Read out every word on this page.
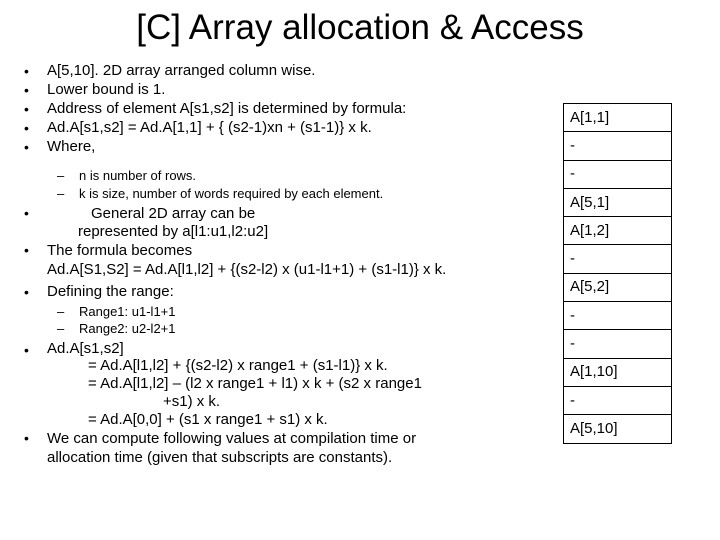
[C] Array allocation & Access
•
•
•
•
•
•
•
•
•
•
A[5,10]. 2D array arranged column wise.
Lower bound is 1.
Address of element A[s1,s2] is determined by formula:
Ad.A[s1,s2] = Ad.A[1,1] + { (s2-1)xn + (s1-1)} x k.
Where,
– n is number of rows.
– k is size, number of words required by each element.
General 2D array can be
represented by a[l1:u1,l2:u2]
The formula becomes
Ad.A[S1,S2] = Ad.A[l1,l2] + {(s2-l2) x (u1-l1+1) + (s1-l1)} x k.
Defining the range:
– Range1: u1-l1+1
– Range2: u2-l2+1
Ad.A[s1,s2]
= Ad.A[l1,l2] + {(s2-l2) x range1 + (s1-l1)} x k.
= Ad.A[l1,l2] – (l2 x range1 + l1) x k + (s2 x range1
+s1) x k.
= Ad.A[0,0] + (s1 x range1 + s1) x k.
We can compute following values at compilation time or
allocation time (given that subscripts are constants).
A[1,1]
-
-
A[5,1]
A[1,2]
-
A[5,2]
-
-
A[1,10]
-
A[5,10]
